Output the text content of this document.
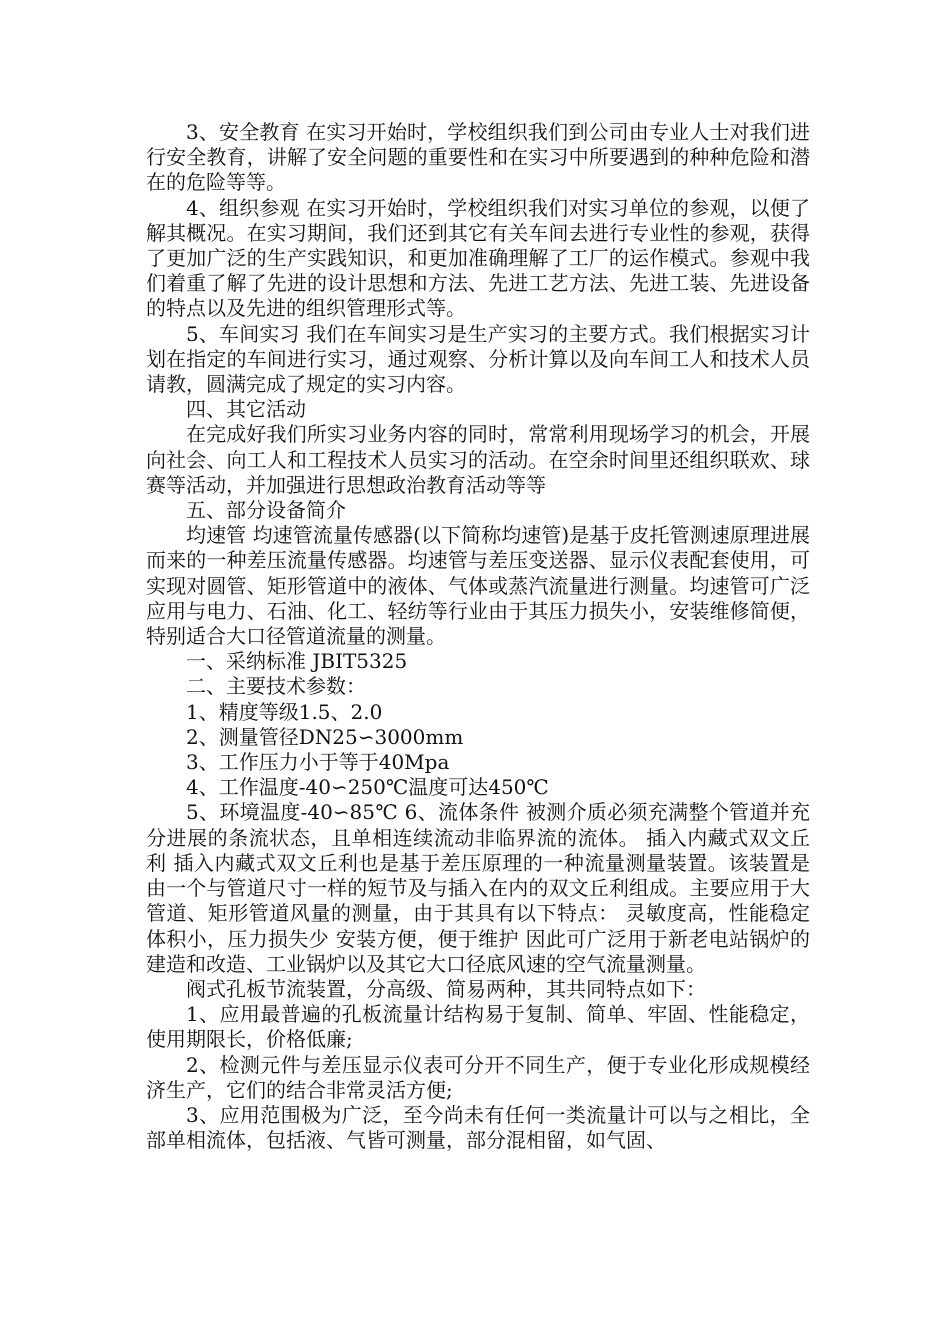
3、安全教育 在实习开始时，学校组织我们到公司由专业人士对我们进行安全教育，讲解了安全问题的重要性和在实习中所要遇到的种种危险和潜在的危险等等。

4、组织参观 在实习开始时，学校组织我们对实习单位的参观，以便了解其概况。在实习期间，我们还到其它有关车间去进行专业性的参观，获得了更加广泛的生产实践知识，和更加准确理解了工厂的运作模式。参观中我们着重了解了先进的设计思想和方法、先进工艺方法、先进工装、先进设备的特点以及先进的组织管理形式等。

5、车间实习 我们在车间实习是生产实习的主要方式。我们根据实习计划在指定的车间进行实习，通过观察、分析计算以及向车间工人和技术人员请教，圆满完成了规定的实习内容。

四、其它活动

在完成好我们所实习业务内容的同时，常常利用现场学习的机会，开展向社会、向工人和工程技术人员实习的活动。在空余时间里还组织联欢、球赛等活动，并加强进行思想政治教育活动等等

五、部分设备简介

均速管 均速管流量传感器(以下简称均速管)是基于皮托管测速原理进展而来的一种差压流量传感器。均速管与差压变送器、显示仪表配套使用，可实现对圆管、矩形管道中的液体、气体或蒸汽流量进行测量。均速管可广泛应用与电力、石油、化工、轻纺等行业由于其压力损失小，安装维修简便，特别适合大口径管道流量的测量。

一、采纳标准 JBIT5325

二、主要技术参数：

1、精度等级1.5、2.0

2、测量管径DN25∽3000mm

3、工作压力小于等于40Mpa

4、工作温度-40∽250℃温度可达450℃

5、环境温度-40∽85℃ 6、流体条件 被测介质必须充满整个管道并充分进展的条流状态，且单相连续流动非临界流的流体。 插入内藏式双文丘利 插入内藏式双文丘利也是基于差压原理的一种流量测量装置。该装置是由一个与管道尺寸一样的短节及与插入在内的双文丘利组成。主要应用于大管道、矩形管道风量的测量，由于其具有以下特点： 灵敏度高，性能稳定 体积小，压力损失少 安装方便，便于维护 因此可广泛用于新老电站锅炉的建造和改造、工业锅炉以及其它大口径底风速的空气流量测量。

阀式孔板节流装置，分高级、简易两种，其共同特点如下：

1、应用最普遍的孔板流量计结构易于复制、简单、牢固、性能稳定，使用期限长，价格低廉;

2、检测元件与差压显示仪表可分开不同生产，便于专业化形成规模经济生产，它们的结合非常灵活方便;

3、应用范围极为广泛，至今尚未有任何一类流量计可以与之相比，全部单相流体，包括液、气皆可测量，部分混相留，如气固、
